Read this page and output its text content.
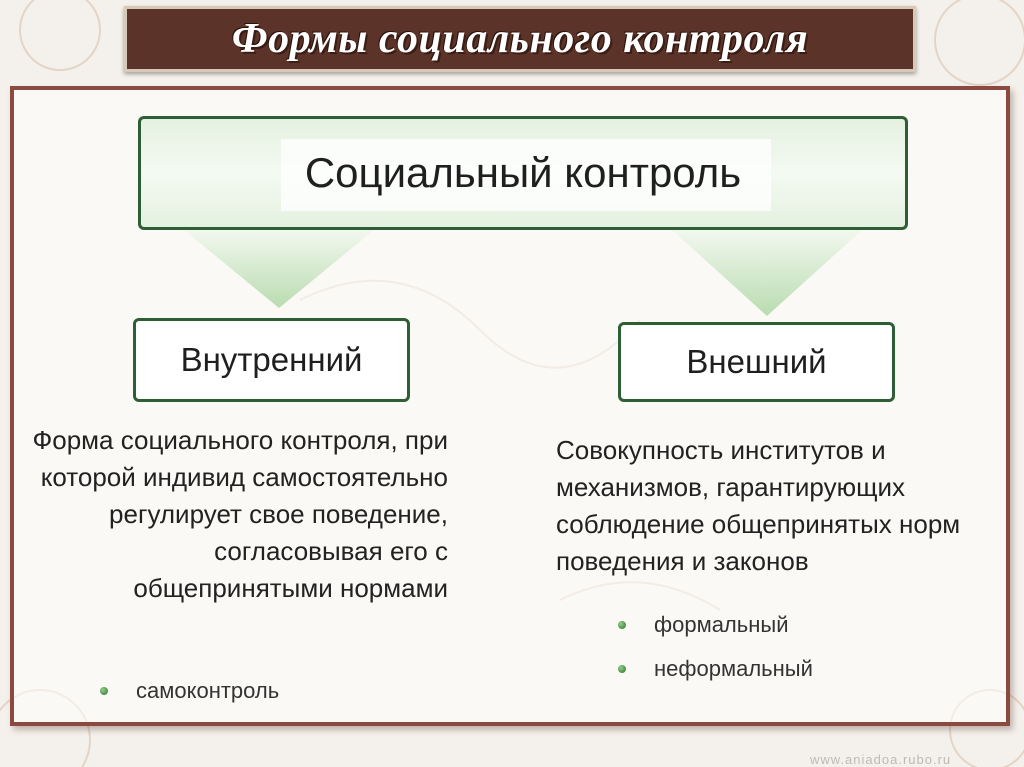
Формы социального контроля
Социальный контроль
Внутренний	Внешний
Форма социального контроля, при которой индивид самостоятельно регулирует свое поведение, согласовывая его с общепринятыми нормами
Совокупность институтов и механизмов, гарантирующих соблюдение общепринятых норм поведения и законов
самоконтроль
формальный
неформальный
www.aniadoa.rubo.ru
